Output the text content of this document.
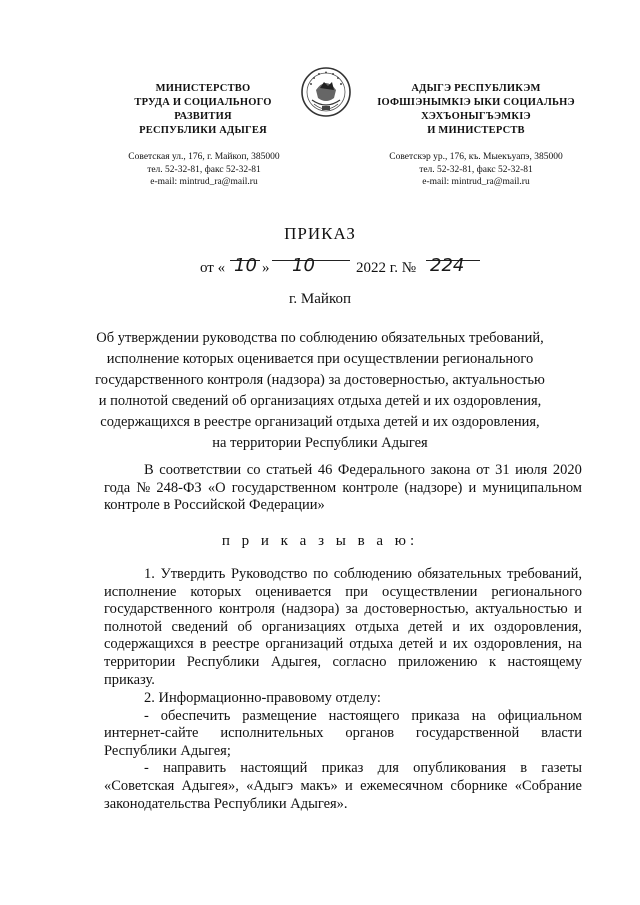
МИНИСТЕРСТВО
ТРУДА И СОЦИАЛЬНОГО
РАЗВИТИЯ
РЕСПУБЛИКИ АДЫГЕЯ
АДЫГЭ РЕСПУБЛИКЭМ
IОФШIЭНЫМКIЭ ЫКИ СОЦИАЛЬНЭ
ХЭХЪОНЫГЪЭМКIЭ
И МИНИСТЕРСТВ
Советская ул., 176, г. Майкоп, 385000
тел. 52-32-81, факс 52-32-81
e-mail: mintrud_ra@mail.ru
Советскэр ур., 176, къ. Мыекъуапэ, 385000
тел. 52-32-81, факс 52-32-81
e-mail: mintrud_ra@mail.ru
ПРИКАЗ
от « 10 » 10	2022 г. № 224
г. Майкоп
Об утверждении руководства по соблюдению обязательных требований,
исполнение которых оценивается при осуществлении регионального
государственного контроля (надзора) за достоверностью, актуальностью
и полнотой сведений об организациях отдыха детей и их оздоровления,
содержащихся в реестре организаций отдыха детей и их оздоровления,
на территории Республики Адыгея
В соответствии со статьей 46 Федерального закона от 31 июля 2020
года № 248-ФЗ «О государственном контроле (надзоре) и муниципальном
контроле в Российской Федерации»
п р и к а з ы в а ю:
1. Утвердить Руководство по соблюдению обязательных требований,
исполнение которых оценивается при осуществлении регионального
государственного контроля (надзора) за достоверностью, актуальностью и
полнотой сведений об организациях отдыха детей и их оздоровления,
содержащихся в реестре организаций отдыха детей и их оздоровления, на
территории Республики Адыгея, согласно приложению к настоящему
приказу.
2. Информационно-правовому отделу:
- обеспечить размещение настоящего приказа на официальном
интернет-сайте исполнительных органов государственной власти
Республики Адыгея;
- направить настоящий приказ для опубликования в газеты
«Советская Адыгея», «Адыгэ макъ» и ежемесячном сборнике «Собрание
законодательства Республики Адыгея».
